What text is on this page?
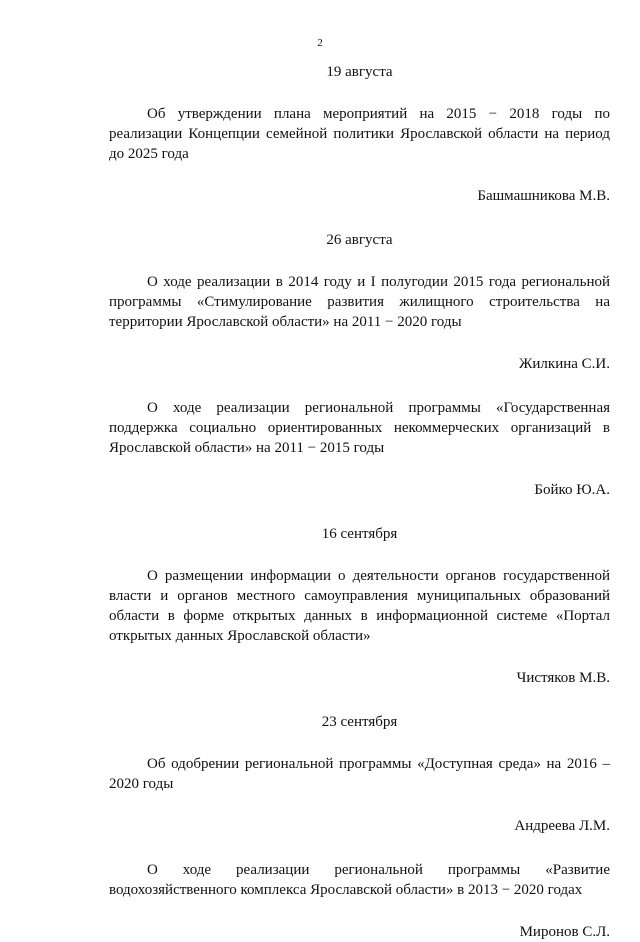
2

19 августа

Об утверждении плана мероприятий на 2015 − 2018 годы по реализации Концепции семейной политики Ярославской области на период до 2025 года

Башмашникова М.В.

26 августа

О ходе реализации в 2014 году и I полугодии 2015 года региональной программы «Стимулирование развития жилищного строительства на территории Ярославской области» на 2011 − 2020 годы

Жилкина С.И.

О ходе реализации региональной программы «Государственная поддержка социально ориентированных некоммерческих организаций в Ярославской области» на 2011 − 2015 годы

Бойко Ю.А.

16 сентября

О размещении информации о деятельности органов государственной власти и органов местного самоуправления муниципальных образований области в форме открытых данных в информационной системе «Портал открытых данных Ярославской области»

Чистяков М.В.

23 сентября

Об одобрении региональной программы «Доступная среда» на 2016 – 2020 годы

Андреева Л.М.

О ходе реализации региональной программы «Развитие водохозяйственного комплекса Ярославской области» в 2013 − 2020 годах

Миронов С.Л.
